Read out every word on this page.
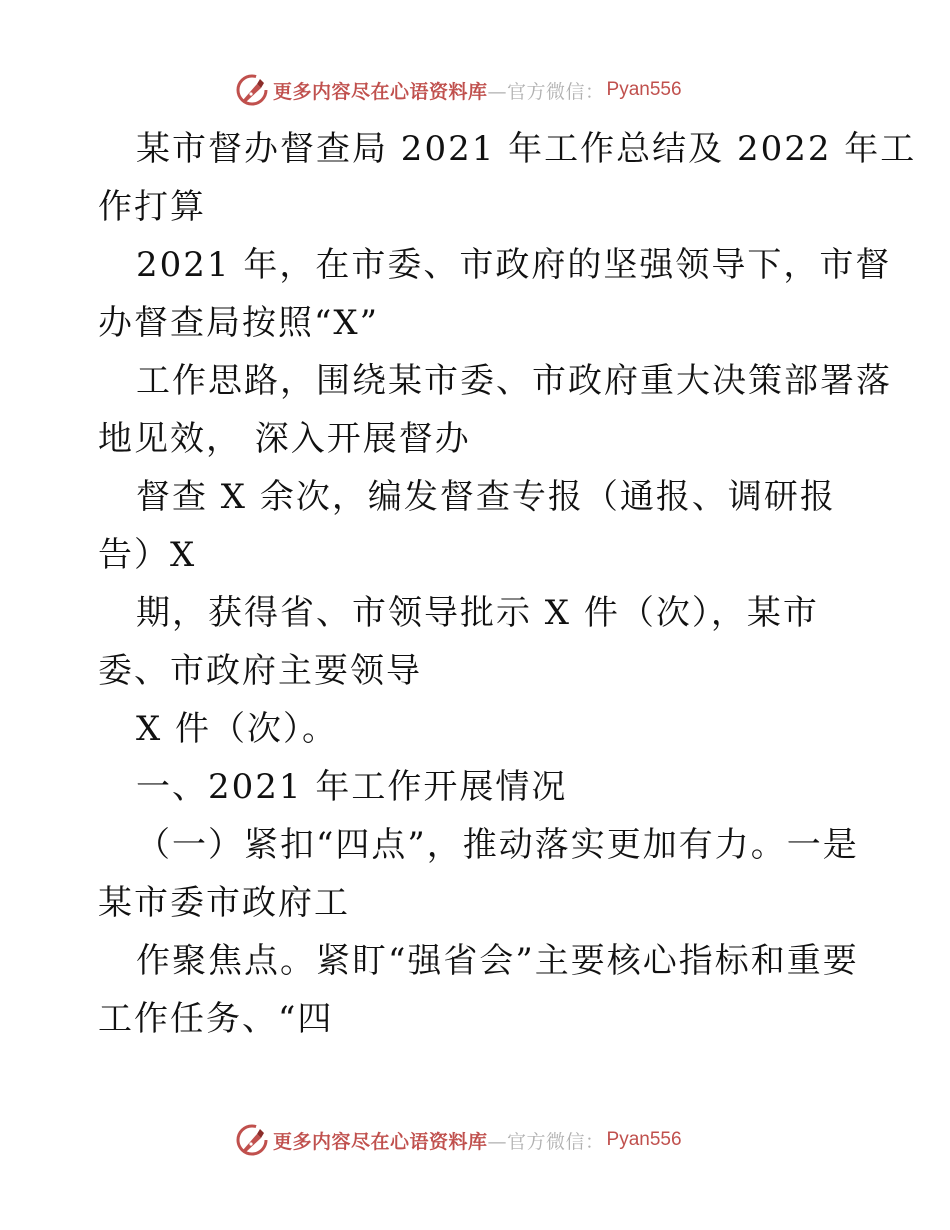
更多内容尽在心语资料库—官方微信： Pyan556
某市督办督查局 2021 年工作总结及 2022 年工
作打算
2021 年，在市委、市政府的坚强领导下，市督
办督查局按照“X”
工作思路，围绕某市委、市政府重大决策部署落
地见效， 深入开展督办
督查 X 余次，编发督查专报（通报、调研报
告）X
期，获得省、市领导批示 X 件（次），某市
委、市政府主要领导
X 件（次）。
一、2021 年工作开展情况
（一）紧扣“四点”，推动落实更加有力。一是
某市委市政府工
作聚焦点。紧盯“强省会”主要核心指标和重要
工作任务、“四
更多内容尽在心语资料库—官方微信： Pyan556
